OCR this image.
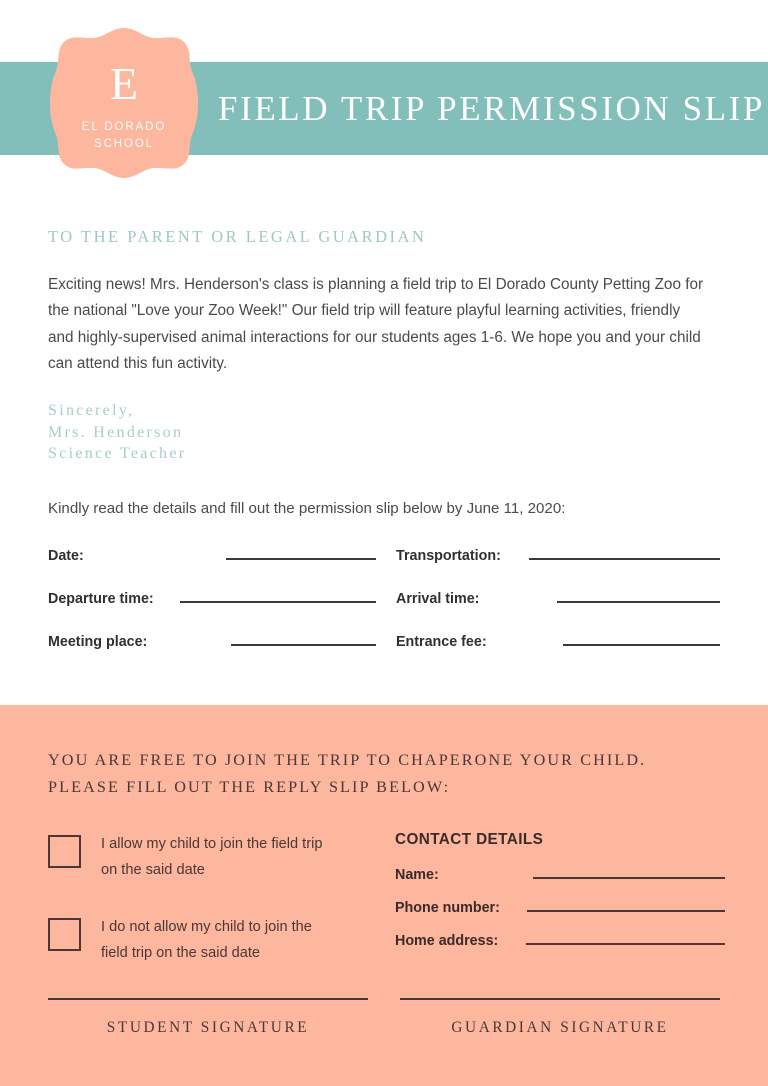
FIELD TRIP PERMISSION SLIP
E
EL DORADO
SCHOOL
TO THE PARENT OR LEGAL GUARDIAN
Exciting news! Mrs. Henderson's class is planning a field trip to El Dorado County Petting Zoo for the national "Love your Zoo Week!" Our field trip will feature playful learning activities, friendly and highly-supervised animal interactions for our students ages 1-6. We hope you and your child can attend this fun activity.
Sincerely,
Mrs. Henderson
Science Teacher
Kindly read the details and fill out the permission slip below by June 11, 2020:
Date:	Transportation:
Departure time:	Arrival time:
Meeting place:	Entrance fee:
YOU ARE FREE TO JOIN THE TRIP TO CHAPERONE YOUR CHILD.
PLEASE FILL OUT THE REPLY SLIP BELOW:
I allow my child to join the field trip on the said date
I do not allow my child to join the field trip on the said date
CONTACT DETAILS
Name:
Phone number:
Home address:
STUDENT SIGNATURE	GUARDIAN SIGNATURE
